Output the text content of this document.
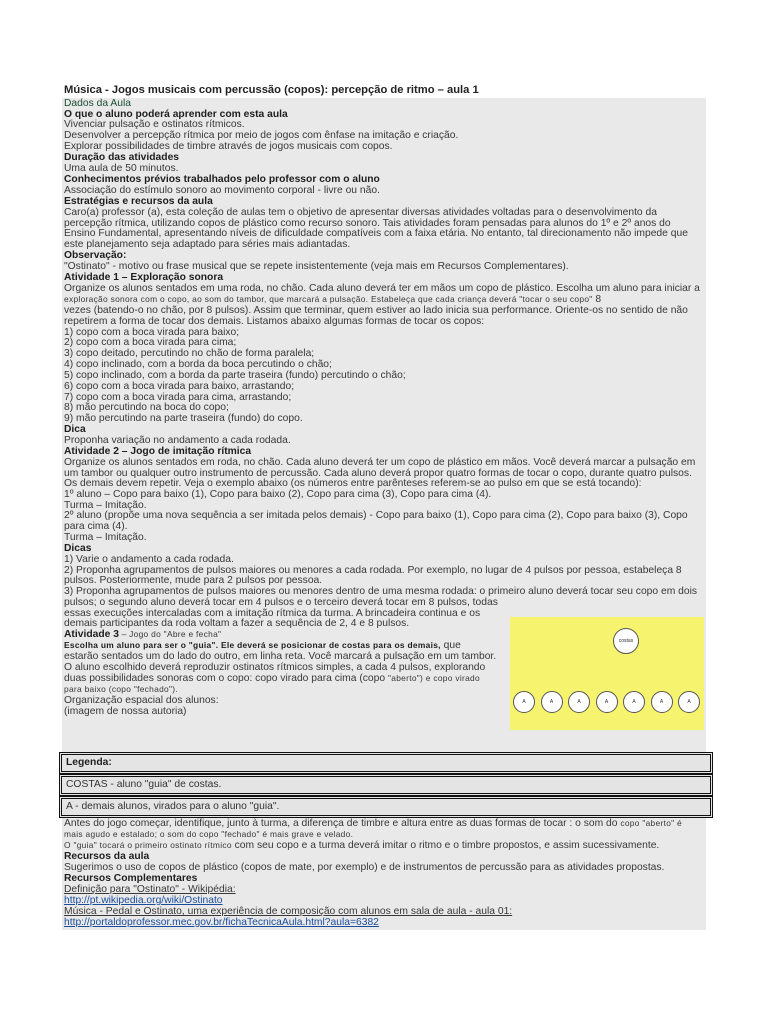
Música - Jogos musicais com percussão (copos): percepção de ritmo – aula 1
Dados da Aula
O que o aluno poderá aprender com esta aula
Vivenciar pulsação e ostinatos rítmicos.
Desenvolver a percepção rítmica por meio de jogos com ênfase na imitação e criação.
Explorar possibilidades de timbre através de jogos musicais com copos.
Duração das atividades
Uma aula de 50 minutos.
Conhecimentos prévios trabalhados pelo professor com o aluno
Associação do estímulo sonoro ao movimento corporal - livre ou não.
Estratégias e recursos da aula
Caro(a) professor (a), esta coleção de aulas tem o objetivo de apresentar diversas atividades voltadas para o desenvolvimento da
percepção rítmica, utilizando copos de plástico como recurso sonoro. Tais atividades foram pensadas para alunos do 1º e 2º anos do
Ensino Fundamental, apresentando níveis de dificuldade compatíveis com a faixa etária. No entanto, tal direcionamento não impede que
este planejamento seja adaptado para séries mais adiantadas.
Observação:
"Ostinato" - motivo ou frase musical que se repete insistentemente (veja mais em Recursos Complementares).
Atividade 1 – Exploração sonora
Organize os alunos sentados em uma roda, no chão. Cada aluno deverá ter em mãos um copo de plástico. Escolha um aluno para iniciar a
exploração sonora com o copo, ao som do tambor, que marcará a pulsação. Estabeleça que cada criança deverá "tocar o seu copo" 8
vezes (batendo-o no chão, por 8 pulsos). Assim que terminar, quem estiver ao lado inicia sua performance. Oriente-os no sentido de não
repetirem a forma de tocar dos demais. Listamos abaixo algumas formas de tocar os copos:
1) copo com a boca virada para baixo;
2) copo com a boca virada para cima;
3) copo deitado, percutindo no chão de forma paralela;
4) copo inclinado, com a borda da boca percutindo o chão;
5) copo inclinado, com a borda da parte traseira (fundo) percutindo o chão;
6) copo com a boca virada para baixo, arrastando;
7) copo com a boca virada para cima, arrastando;
8) mão percutindo na boca do copo;
9) mão percutindo na parte traseira (fundo) do copo.
Dica
Proponha variação no andamento a cada rodada.
Atividade 2 – Jogo de imitação rítmica
Organize os alunos sentados em roda, no chão. Cada aluno deverá ter um copo de plástico em mãos. Você deverá marcar a pulsação em
um tambor ou qualquer outro instrumento de percussão. Cada aluno deverá propor quatro formas de tocar o copo, durante quatro pulsos.
Os demais devem repetir. Veja o exemplo abaixo (os números entre parênteses referem-se ao pulso em que se está tocando):
1º aluno – Copo para baixo (1), Copo para baixo (2), Copo para cima (3), Copo para cima (4).
Turma – Imitação.
2º aluno (propõe uma nova sequência a ser imitada pelos demais) - Copo para baixo (1), Copo para cima (2), Copo para baixo (3), Copo
para cima (4).
Turma – Imitação.
Dicas
1) Varie o andamento a cada rodada.
2) Proponha agrupamentos de pulsos maiores ou menores a cada rodada. Por exemplo, no lugar de 4 pulsos por pessoa, estabeleça 8
pulsos. Posteriormente, mude para 2 pulsos por pessoa.
3) Proponha agrupamentos de pulsos maiores ou menores dentro de uma mesma rodada: o primeiro aluno deverá tocar seu copo em dois
pulsos; o segundo aluno deverá tocar em 4 pulsos e o terceiro deverá tocar em 8 pulsos, todas
essas execuções intercaladas com a imitação rítmica da turma. A brincadeira continua e os
demais participantes da roda voltam a fazer a sequência de 2, 4 e 8 pulsos.
Atividade 3 – Jogo do "Abre e fecha"
Escolha um aluno para ser o "guia". Ele deverá se posicionar de costas para os demais, que
estarão sentados um do lado do outro, em linha reta. Você marcará a pulsação em um tambor.
O aluno escolhido deverá reproduzir ostinatos rítmicos simples, a cada 4 pulsos, explorando
duas possibilidades sonoras com o copo: copo virado para cima (copo "aberto") e copo virado
para baixo (copo "fechado").
Organização espacial dos alunos:
(imagem de nossa autoria)
costas
A	A	A	A	A	A	A
Legenda:
COSTAS - aluno "guia" de costas.
A - demais alunos, virados para o aluno "guia".
Antes do jogo começar, identifique, junto à turma, a diferença de timbre e altura entre as duas formas de tocar : o som do copo "aberto" é
mais agudo e estalado; o som do copo "fechado" é mais grave e velado.
O "guia" tocará o primeiro ostinato rítmico com seu copo e a turma deverá imitar o ritmo e o timbre propostos, e assim sucessivamente.
Recursos da aula
Sugerimos o uso de copos de plástico (copos de mate, por exemplo) e de instrumentos de percussão para as atividades propostas.
Recursos Complementares
Definição para "Ostinato" - Wikipédia:
http://pt.wikipedia.org/wiki/Ostinato
Música - Pedal e Ostinato, uma experiência de composição com alunos em sala de aula - aula 01:
http://portaldoprofessor.mec.gov.br/fichaTecnicaAula.html?aula=6382
